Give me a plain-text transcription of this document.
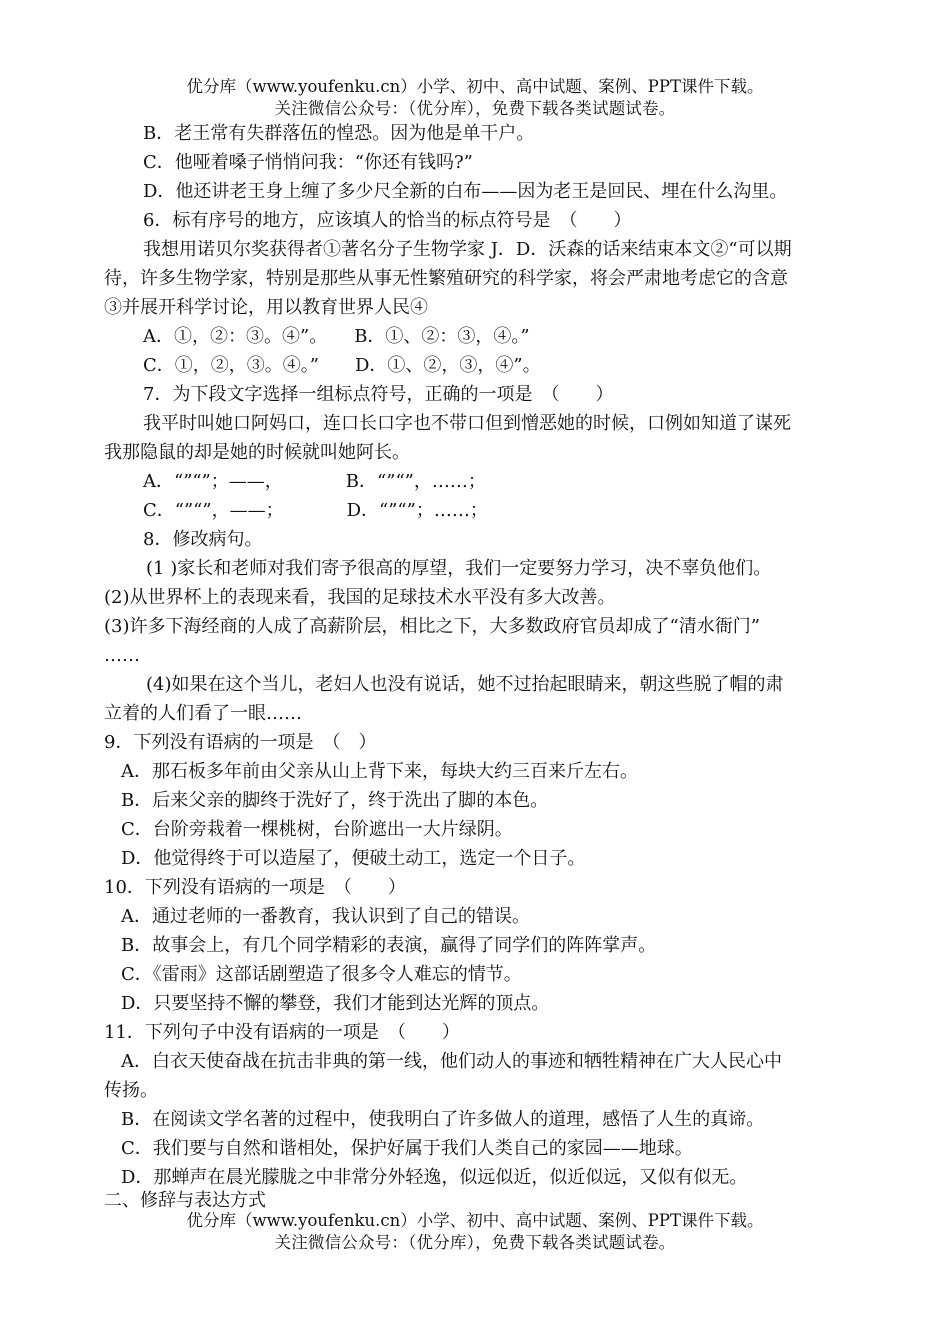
优分库（www.youfenku.cn）小学、初中、高中试题、案例、PPT课件下载。
关注微信公众号：（优分库），免费下载各类试题试卷。
B．老王常有失群落伍的惶恐。因为他是单干户。
C．他哑着嗓子悄悄问我：“你还有钱吗?”
D．他还讲老王身上缠了多少尺全新的白布——因为老王是回民、埋在什么沟里。
6．标有序号的地方，应该填人的恰当的标点符号是　（　　）
我想用诺贝尔奖获得者①著名分子生物学家 J．D．沃森的话来结束本文②“可以期
待，许多生物学家，特别是那些从事无性繁殖研究的科学家，将会严肃地考虑它的含意
③并展开科学讨论，用以教育世界人民④
A．①，②：③。④”。　　B．①、②：③，④。”
C．①，②，③。④。”　　D．①、②，③，④”。
7．为下段文字选择一组标点符号，正确的一项是　（　　）
我平时叫她口阿妈口，连口长口字也不带口但到憎恶她的时候，口例如知道了谋死
我那隐鼠的却是她的时候就叫她阿长。
A．“”“”；——，　　　　B．“”“”，……；
C．“”“”，——；　　　　D．“”“”；……；
8．修改病句。
(1 )家长和老师对我们寄予很高的厚望，我们一定要努力学习，决不辜负他们。
(2)从世界杯上的表现来看，我国的足球技术水平没有多大改善。
(3)许多下海经商的人成了高薪阶层，相比之下，大多数政府官员却成了“清水衙门”
……
(4)如果在这个当儿，老妇人也没有说话，她不过抬起眼睛来，朝这些脱了帽的肃
立着的人们看了一眼……
9．下列没有语病的一项是　（　）
A．那石板多年前由父亲从山上背下来，每块大约三百来斤左右。
B．后来父亲的脚终于洗好了，终于洗出了脚的本色。
C．台阶旁栽着一棵桃树，台阶遮出一大片绿阴。
D．他觉得终于可以造屋了，便破土动工，选定一个日子。
10．下列没有语病的一项是　（　　）
A．通过老师的一番教育，我认识到了自己的错误。
B．故事会上，有几个同学精彩的表演，赢得了同学们的阵阵掌声。
C．《雷雨》这部话剧塑造了很多令人难忘的情节。
D．只要坚持不懈的攀登，我们才能到达光辉的顶点。
11．下列句子中没有语病的一项是　（　　）
A．白衣天使奋战在抗击非典的第一线，他们动人的事迹和牺牲精神在广大人民心中
传扬。
B．在阅读文学名著的过程中，使我明白了许多做人的道理，感悟了人生的真谛。
C．我们要与自然和谐相处，保护好属于我们人类自己的家园——地球。
D．那蝉声在晨光朦胧之中非常分外轻逸，似远似近，似近似远，又似有似无。
二、修辞与表达方式
优分库（www.youfenku.cn）小学、初中、高中试题、案例、PPT课件下载。
关注微信公众号：（优分库），免费下载各类试题试卷。
